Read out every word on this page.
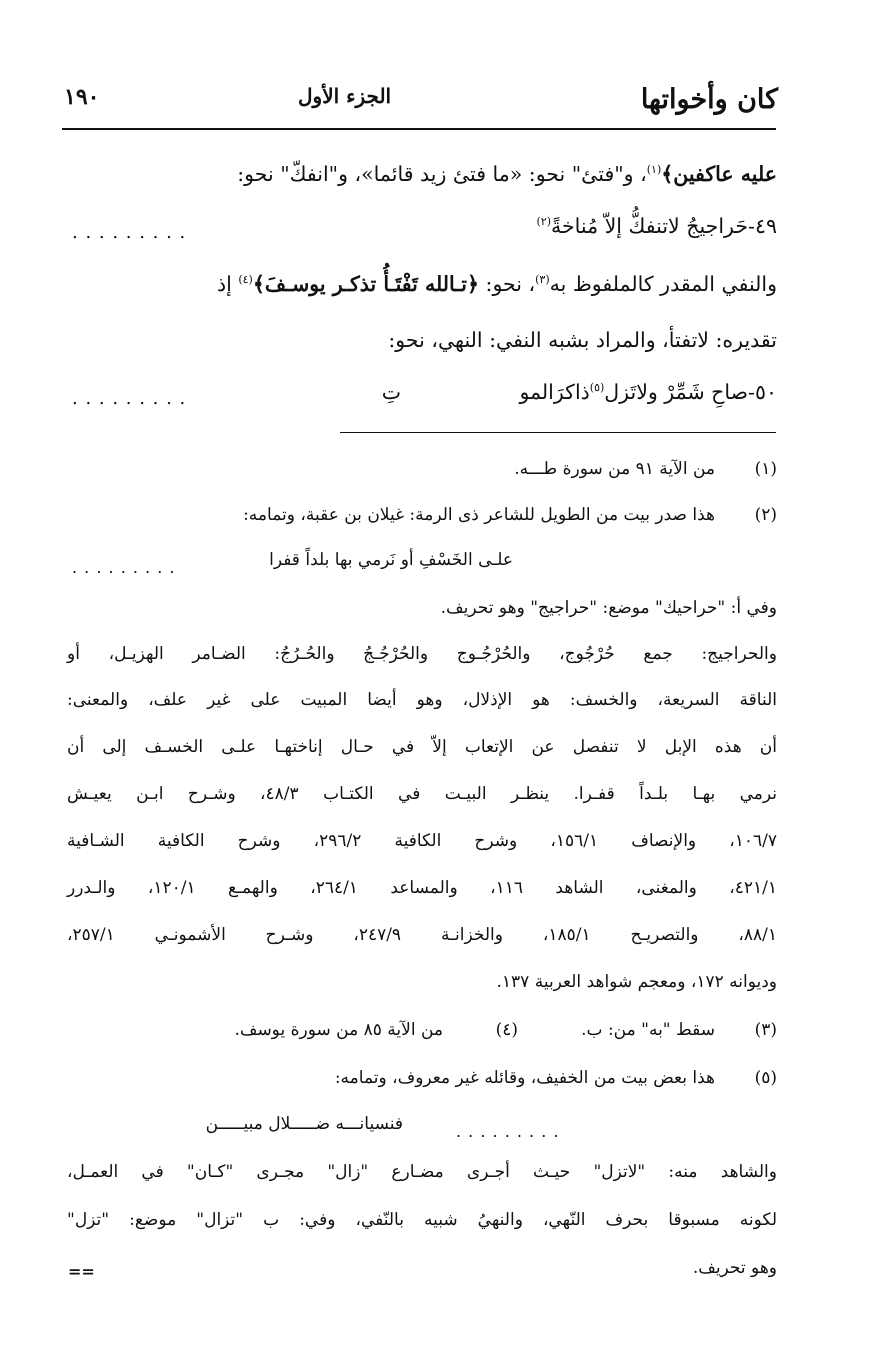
كان وأخواتها
الجزء الأول
١٩٠
عليه عاكفين﴾$^{(١)}$، و"فتئ" نحو: «ما فتئ زيد قائما»، و"انفكّ" نحو:
٤٩-حَراجيجُ لاتنفكُّ إلاّ مُناخةً$^{(٢)}$
. . . . . . . . .
والنفي المقدر كالملفوظ به$^{(٣)}$، نحو: ﴿تـالله تَفْتَـأُ تذكـر يوسـفَ﴾$^{(٤)}$ إذ
تقديره: لاتفتأ، والمراد بشبه النفي: النهي، نحو:
٥٠-صاحِ شَمِّرْ ولاتَزل$^{(٥)}$ذاكرَالمو
تِ
. . . . . . . . .
(١)من الآية ٩١ من سورة طـــه.
(٢)هذا صدر بيت من الطويل للشاعر ذى الرمة: غيلان بن عقبة، وتمامه:
علـى الخَسْفِ أو نَرمي بها بلداً قفرا
. . . . . . . . .
وفي أ: "حراحيك" موضع: "حراجيج" وهو تحريف.
والحراجيج: جمع حُرْجُوج، والحُرْجُـوج والحُرْجُـجُ والحُـرُجُ: الضـامر الهزيـل، أو
الناقة السريعة، والخسف: هو الإذلال، وهو أيضا المبيت على غير علف، والمعنى:
أن هذه الإبل لا تنفصل عن الإتعاب إلاّ في حـال إناختهـا علـى الخسـف إلى أن
نرمي بهـا بلـداً قفـرا. ينظـر البيـت في الكتـاب ٤٨/٣، وشـرح ابـن يعيـش
١٠٦/٧، والإنصاف ١٥٦/١، وشرح الكافية ٢٩٦/٢، وشرح الكافية الشـافية
٤٢١/١، والمغنى، الشاهد ١١٦، والمساعد ٢٦٤/١، والهمـع ١٢٠/١، والـدرر
٨٨/١، والتصريـح ١٨٥/١، والخزانـة ٢٤٧/٩، وشـرح الأشمونـي ٢٥٧/١،
وديوانه ١٧٢، ومعجم شواهد العربية ١٣٧.
(٣)سقط "به" من: ب.
(٤)من الآية ٨٥ من سورة يوسف.
(٥)هذا بعض بيت من الخفيف، وقائله غير معروف، وتمامه:
فنسيانـــه ضـــــلال مبيـــــن	. . . . . . . . .
والشاهد منه: "لاتزل" حيـث أجـرى مضـارع "زال" مجـرى "كـان" في العمـل،
لكونه مسبوقا بحرف النّهي، والنهيُ شبيه بالنّفي، وفي: ب "تزال" موضع: "تزل"
وهو تحريف.
==
